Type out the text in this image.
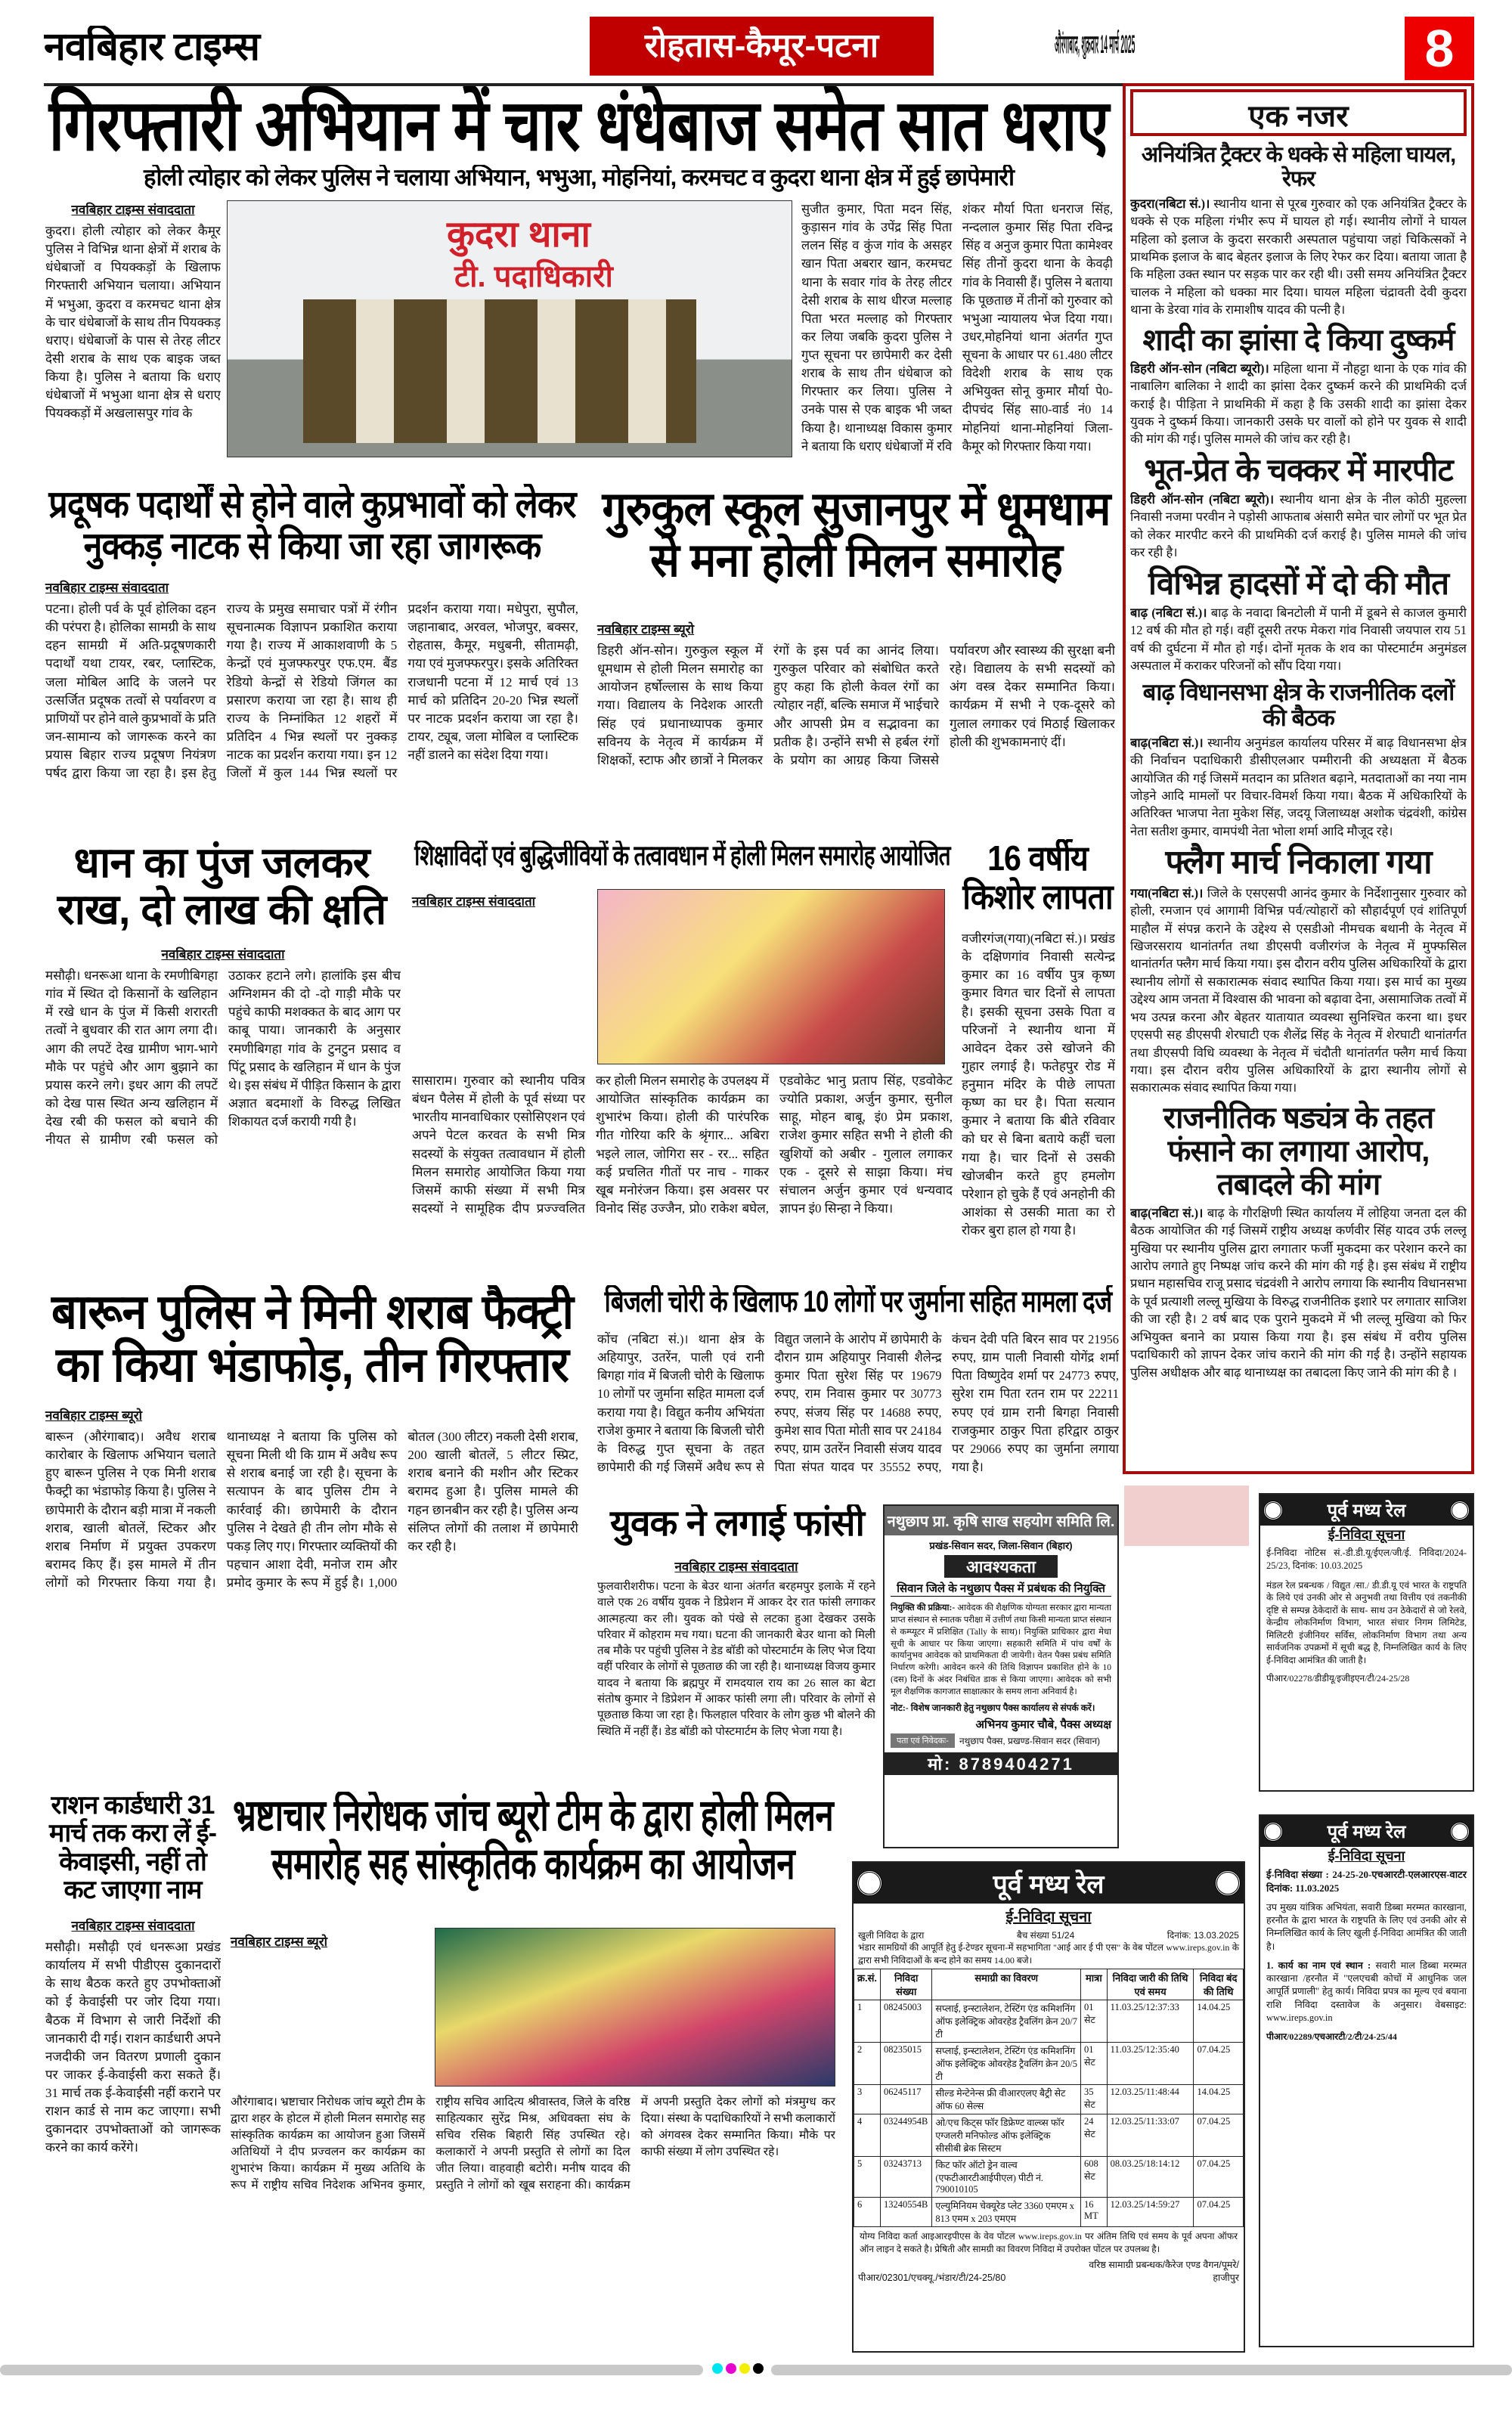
नवबिहार टाइम्स	रोहतास-कैमूर-पटना	औरंगाबाद, शुक्रवार 14 मार्च 2025	8
गिरफ्तारी अभियान में चार धंधेबाज समेत सात धराए
होली त्योहार को लेकर पुलिस ने चलाया अभियान, भभुआ, मोहनियां, करमचट व कुदरा थाना क्षेत्र में हुई छापेमारी
नवबिहार टाइम्स संवाददाता
कुदरा। होली त्योहार को लेकर कैमूर पुलिस ने विभिन्न थाना क्षेत्रों में शराब के धंधेबाजों व पियक्कड़ों के खिलाफ गिरफ्तारी अभियान चलाया। अभियान में भभुआ, कुदरा व करमचट थाना क्षेत्र के चार धंधेबाजों के साथ तीन पियक्कड़ धराए। धंधेबाजों के पास से तेरह लीटर देसी शराब के साथ एक बाइक जब्त किया है। पुलिस ने बताया कि धराए धंधेबाजों में भभुआ थाना क्षेत्र से धराए पियक्कड़ों में अखलासपुर गांव के
कुदरा थाना
टी. पदाधिकारी
सुजीत कुमार, पिता मदन सिंह, कुड़ासन गांव के उपेंद्र सिंह पिता ललन सिंह व कुंज गांव के असहर खान पिता अबरार खान, करमचट थाना के सवार गांव के तेरह लीटर देसी शराब के साथ धीरज मल्लाह पिता भरत मल्लाह को गिरफ्तार कर लिया जबकि कुदरा पुलिस ने गुप्त सूचना पर छापेमारी कर देसी शराब के साथ तीन धंधेबाज को गिरफ्तार कर लिया। पुलिस ने उनके पास से एक बाइक भी जब्त किया है। थानाध्यक्ष विकास कुमार ने बताया कि धराए धंधेबाजों में रवि शंकर मौर्या पिता धनराज सिंह, नन्दलाल कुमार सिंह पिता रविन्द्र सिंह व अनुज कुमार पिता कामेश्वर सिंह तीनों कुदरा थाना के केवढ़ी गांव के निवासी हैं। पुलिस ने बताया कि पूछताछ में तीनों को गुरुवार को भभुआ न्यायालय भेज दिया गया। उधर,मोहनियां थाना अंतर्गत गुप्त सूचना के आधार पर 61.480 लीटर विदेशी शराब के साथ एक अभियुक्त सोनू कुमार मौर्या पे0- दीपचंद सिंह सा0-वार्ड नं0 14 मोहनियां थाना-मोहनियां जिला-कैमूर को गिरफ्तार किया गया।
प्रदूषक पदार्थों से होने वाले कुप्रभावों को लेकर नुक्कड़ नाटक से किया जा रहा जागरूक
नवबिहार टाइम्स संवाददाता
पटना। होली पर्व के पूर्व होलिका दहन की परंपरा है। होलिका सामग्री के साथ दहन सामग्री में अति-प्रदूषणकारी पदार्थों यथा टायर, रबर, प्लास्टिक, जला मोबिल आदि के जलने पर उत्सर्जित प्रदूषक तत्वों से पर्यावरण व प्राणियों पर होने वाले कुप्रभावों के प्रति जन-सामान्य को जागरूक करने का प्रयास बिहार राज्य प्रदूषण नियंत्रण पर्षद द्वारा किया जा रहा है। इस हेतु राज्य के प्रमुख समाचार पत्रों में रंगीन सूचनात्मक विज्ञापन प्रकाशित कराया गया है। राज्य में आकाशवाणी के 5 केन्द्रों एवं मुजफ्फरपुर एफ.एम. बैंड रेडियो केन्द्रों से रेडियो जिंगल का प्रसारण कराया जा रहा है। साथ ही राज्य के निम्नांकित 12 शहरों में प्रतिदिन 4 भिन्न स्थलों पर नुक्कड़ नाटक का प्रदर्शन कराया गया। इन 12 जिलों में कुल 144 भिन्न स्थलों पर प्रदर्शन कराया गया। मधेपुरा, सुपौल, जहानाबाद, अरवल, भोजपुर, बक्सर, रोहतास, कैमूर, मधुबनी, सीतामढ़ी, गया एवं मुजफ्फरपुर। इसके अतिरिक्त राजधानी पटना में 12 मार्च एवं 13 मार्च को प्रतिदिन 20-20 भिन्न स्थलों पर नाटक प्रदर्शन कराया जा रहा है। टायर, ट्यूब, जला मोबिल व प्लास्टिक नहीं डालने का संदेश दिया गया।
गुरुकुल स्कूल सुजानपुर में धूमधाम से मना होली मिलन समारोह
नवबिहार टाइम्स ब्यूरो
डिहरी ऑन-सोन। गुरुकुल स्कूल में धूमधाम से होली मिलन समारोह का आयोजन हर्षोल्लास के साथ किया गया। विद्यालय के निदेशक आरती सिंह एवं प्रधानाध्यापक कुमार सविनय के नेतृत्व में कार्यक्रम में शिक्षकों, स्टाफ और छात्रों ने मिलकर रंगों के इस पर्व का आनंद लिया। गुरुकुल परिवार को संबोधित करते हुए कहा कि होली केवल रंगों का त्योहार नहीं, बल्कि समाज में भाईचारे और आपसी प्रेम व सद्भावना का प्रतीक है। उन्होंने सभी से हर्बल रंगों के प्रयोग का आग्रह किया जिससे पर्यावरण और स्वास्थ्य की सुरक्षा बनी रहे। विद्यालय के सभी सदस्यों को अंग वस्त्र देकर सम्मानित किया। कार्यक्रम में सभी ने एक-दूसरे को गुलाल लगाकर एवं मिठाई खिलाकर होली की शुभकामनाएं दीं।
धान का पुंज जलकर राख, दो लाख की क्षति
नवबिहार टाइम्स संवाददाता
मसौढ़ी। धनरूआ थाना के रमणीबिगहा गांव में स्थित दो किसानों के खलिहान में रखे धान के पुंज में किसी शरारती तत्वों ने बुधवार की रात आग लगा दी। आग की लपटें देख ग्रामीण भाग-भागे मौके पर पहुंचे और आग बुझाने का प्रयास करने लगे। इधर आग की लपटें को देख पास स्थित अन्य खलिहान में देख रबी की फसल को बचाने की नीयत से ग्रामीण रबी फसल को उठाकर हटाने लगे। हालांकि इस बीच अग्निशमन की दो -दो गाड़ी मौके पर पहुंचे काफी मशक्कत के बाद आग पर काबू पाया। जानकारी के अनुसार रमणीबिगहा गांव के टुनटुन प्रसाद व पिंटू प्रसाद के खलिहान में धान के पुंज थे। इस संबंध में पीड़ित किसान के द्वारा अज्ञात बदमाशों के विरुद्ध लिखित शिकायत दर्ज करायी गयी है।
शिक्षाविदों एवं बुद्धिजीवियों के तत्वावधान में होली मिलन समारोह आयोजित
नवबिहार टाइम्स संवाददाता
सासाराम। गुरुवार को स्थानीय पवित्र बंधन पैलेस में होली के पूर्व संध्या पर भारतीय मानवाधिकार एसोसिएशन एवं अपने पेटल करवत के सभी मित्र सदस्यों के संयुक्त तत्वावधान में होली मिलन समारोह आयोजित किया गया जिसमें काफी संख्या में सभी मित्र सदस्यों ने सामूहिक दीप प्रज्ज्वलित कर होली मिलन समारोह के उपलक्ष्य में आयोजित सांस्कृतिक कार्यक्रम का शुभारंभ किया। होली की पारंपरिक गीत गोरिया करि के श्रृंगार... अबिरा भइले लाल, जोगिरा सर - रर... सहित कई प्रचलित गीतों पर नाच - गाकर खूब मनोरंजन किया। इस अवसर पर विनोद सिंह उज्जैन, प्रो0 राकेश बघेल, एडवोकेट भानु प्रताप सिंह, एडवोकेट ज्योति प्रकाश, अर्जुन कुमार, सुनील साहू, मोहन बाबू, इं0 प्रेम प्रकाश, राजेश कुमार सहित सभी ने होली की खुशियों को अबीर - गुलाल लगाकर एक - दूसरे से साझा किया। मंच संचालन अर्जुन कुमार एवं धन्यवाद ज्ञापन इं0 सिन्हा ने किया।
16 वर्षीय किशोर लापता
वजीरगंज(गया)(नबिटा सं.)। प्रखंड के दक्षिणगांव निवासी सत्येन्द्र कुमार का 16 वर्षीय पुत्र कृष्ण कुमार विगत चार दिनों से लापता है। इसकी सूचना उसके पिता व परिजनों ने स्थानीय थाना में आवेदन देकर उसे खोजने की गुहार लगाई है। फतेहपुर रोड में हनुमान मंदिर के पीछे लापता कृष्ण का घर है। पिता सत्यान कुमार ने बताया कि बीते रविवार को घर से बिना बताये कहीं चला गया है। चार दिनों से उसकी खोजबीन करते हुए हमलोग परेशान हो चुके हैं एवं अनहोनी की आशंका से उसकी माता का रो रोकर बुरा हाल हो गया है।
बारून पुलिस ने मिनी शराब फैक्ट्री का किया भंडाफोड़, तीन गिरफ्तार
नवबिहार टाइम्स ब्यूरो
बारून (औरंगाबाद)। अवैध शराब कारोबार के खिलाफ अभियान चलाते हुए बारून पुलिस ने एक मिनी शराब फैक्ट्री का भंडाफोड़ किया है। पुलिस ने छापेमारी के दौरान बड़ी मात्रा में नकली शराब, खाली बोतलें, स्टिकर और शराब निर्माण में प्रयुक्त उपकरण बरामद किए हैं। इस मामले में तीन लोगों को गिरफ्तार किया गया है। थानाध्यक्ष ने बताया कि पुलिस को सूचना मिली थी कि ग्राम में अवैध रूप से शराब बनाई जा रही है। सूचना के सत्यापन के बाद पुलिस टीम ने कार्रवाई की। छापेमारी के दौरान पुलिस ने देखते ही तीन लोग मौके से पकड़ लिए गए। गिरफ्तार व्यक्तियों की पहचान आशा देवी, मनोज राम और प्रमोद कुमार के रूप में हुई है। 1,000 बोतल (300 लीटर) नकली देसी शराब, 200 खाली बोतलें, 5 लीटर स्प्रिट, शराब बनाने की मशीन और स्टिकर बरामद हुआ है। पुलिस मामले की गहन छानबीन कर रही है। पुलिस अन्य संलिप्त लोगों की तलाश में छापेमारी कर रही है।
बिजली चोरी के खिलाफ 10 लोगों पर जुर्माना सहित मामला दर्ज
कोंच (नबिटा सं.)। थाना क्षेत्र के अहियापुर, उतरेंन, पाली एवं रानी बिगहा गांव में बिजली चोरी के खिलाफ 10 लोगों पर जुर्माना सहित मामला दर्ज कराया गया है। विद्युत कनीय अभियंता राजेश कुमार ने बताया कि बिजली चोरी के विरुद्ध गुप्त सूचना के तहत छापेमारी की गई जिसमें अवैध रूप से विद्युत जलाने के आरोप में छापेमारी के दौरान ग्राम अहियापुर निवासी शैलेन्द्र कुमार पिता सुरेश सिंह पर 19679 रुपए, राम निवास कुमार पर 30773 रुपए, संजय सिंह पर 14688 रुपए, कुमेश साव पिता मोती साव पर 24184 रुपए, ग्राम उतरेंन निवासी संजय यादव पिता संपत यादव पर 35552 रुपए, कंचन देवी पति बिरन साव पर 21956 रुपए, ग्राम पाली निवासी योगेंद्र शर्मा पिता विष्णुदेव शर्मा पर 24773 रुपए, सुरेश राम पिता रतन राम पर 22211 रुपए एवं ग्राम रानी बिगहा निवासी राजकुमार ठाकुर पिता हरिद्वार ठाकुर पर 29066 रुपए का जुर्माना लगाया गया है।
युवक ने लगाई फांसी
नवबिहार टाइम्स संवाददाता
फुलवारीशरीफ। पटना के बेउर थाना अंतर्गत बरहमपुर इलाके में रहने वाले एक 26 वर्षीय युवक ने डिप्रेशन में आकर देर रात फांसी लगाकर आत्महत्या कर ली। युवक को पंखे से लटका हुआ देखकर उसके परिवार में कोहराम मच गया। घटना की जानकारी बेउर थाना को मिली तब मौके पर पहुंची पुलिस ने डेड बॉडी को पोस्टमार्टम के लिए भेज दिया वहीं परिवार के लोगों से पूछताछ की जा रही है। थानाध्यक्ष विजय कुमार यादव ने बताया कि ब्रह्मपुर में रामदयाल राय का 26 साल का बेटा संतोष कुमार ने डिप्रेशन में आकर फांसी लगा ली। परिवार के लोगों से पूछताछ किया जा रहा है। फिलहाल परिवार के लोग कुछ भी बोलने की स्थिति में नहीं हैं। डेड बॉडी को पोस्टमार्टम के लिए भेजा गया है।
नथुछाप प्रा. कृषि साख सहयोग समिति लि.
प्रखंड-सिवान सदर, जिला-सिवान (बिहार)
आवश्यकता
सिवान जिले के नथुछाप पैक्स में प्रबंधक की नियुक्ति
नियुक्ति की प्रक्रिया:- आवेदक की शैक्षणिक योग्यता सरकार द्वारा मान्यता प्राप्त संस्थान से स्नातक परीक्षा में उत्तीर्ण तथा किसी मान्यता प्राप्त संस्थान से कम्प्यूटर में प्रशिक्षित (Tally के साथ)। नियुक्ति प्राधिकार द्वारा मेधा सूची के आधार पर किया जाएगा। सहकारी समिति में पांच वर्षों के कार्यानुभव आवेदक को प्राथमिकता दी जायेगी। वेतन पैक्स प्रबंध समिति निर्धारण करेगी। आवेदन करने की तिथि विज्ञापन प्रकाशित होने के 10 (दस) दिनों के अंदर निबंधित डाक से किया जाएगा। आवेदक को सभी मूल शैक्षणिक कागजात साक्षात्कार के समय लाना अनिवार्य है।
नोट:- विशेष जानकारी हेतु नथुछाप पैक्स कार्यालय से संपर्क करें।
अभिनय कुमार चौबे, पैक्स अध्यक्ष
पता एवं निवेदकः-	नथुछाप पैक्स, प्रखण्ड-सिवान सदर (सिवान)
मो: 8789404271
राशन कार्डधारी 31 मार्च तक करा लें ई-केवाइसी, नहीं तो कट जाएगा नाम
नवबिहार टाइम्स संवाददाता
मसौढ़ी। मसौढ़ी एवं धनरूआ प्रखंड कार्यालय में सभी पीडीएस दुकानदारों के साथ बैठक करते हुए उपभोक्ताओं को ई केवाईसी पर जोर दिया गया। बैठक में विभाग से जारी निर्देशों की जानकारी दी गई। राशन कार्डधारी अपने नजदीकी जन वितरण प्रणाली दुकान पर जाकर ई-केवाईसी करा सकते हैं। 31 मार्च तक ई-केवाईसी नहीं कराने पर राशन कार्ड से नाम कट जाएगा। सभी दुकानदार उपभोक्ताओं को जागरूक करने का कार्य करेंगे।
भ्रष्टाचार निरोधक जांच ब्यूरो टीम के द्वारा होली मिलन समारोह सह सांस्कृतिक कार्यक्रम का आयोजन
नवबिहार टाइम्स ब्यूरो
औरंगाबाद। भ्रष्टाचार निरोधक जांच ब्यूरो टीम के द्वारा शहर के होटल में होली मिलन समारोह सह सांस्कृतिक कार्यक्रम का आयोजन हुआ जिसमें अतिथियों ने दीप प्रज्वलन कर कार्यक्रम का शुभारंभ किया। कार्यक्रम में मुख्य अतिथि के रूप में राष्ट्रीय सचिव निदेशक अभिनव कुमार, राष्ट्रीय सचिव आदित्य श्रीवास्तव, जिले के वरिष्ठ साहित्यकार सुरेंद्र मिश्र, अधिवक्ता संघ के सचिव रसिक बिहारी सिंह उपस्थित रहे। कलाकारों ने अपनी प्रस्तुति से लोगों का दिल जीत लिया। वाहवाही बटोरी। मनीष यादव की प्रस्तुति ने लोगों को खूब सराहना की। कार्यक्रम में अपनी प्रस्तुति देकर लोगों को मंत्रमुग्ध कर दिया। संस्था के पदाधिकारियों ने सभी कलाकारों को अंगवस्त्र देकर सम्मानित किया। मौके पर काफी संख्या में लोग उपस्थित रहे।
पूर्व मध्य रेल
ई-निविदा सूचना
खुली निविदा के द्वारा	बैच संख्या 51/24	दिनांक: 13.03.2025
भंडार सामग्रियों की आपूर्ति हेतु ई-टेण्डर सूचना-में सहभागिता "आई आर ई पी एस" के वेब पोंटल www.ireps.gov.in के द्वारा सभी निविदाओं के बन्द होने का समय 14.00 बजे।
क्र.सं.	निविदा संख्या	समाग्री का विवरण	मात्रा	निविदा जारी की तिथि एवं समय	निविदा बंद की तिथि
1	08245003	सप्लाई, इन्स्टालेशन, टेस्टिंग एंड कमिशनिंग ऑफ इलेक्ट्रिक ओवरहेड ट्रैवलिंग क्रेन 20/7 टी	01 सेट	11.03.25/12:37:33	14.04.25
2	08235015	सप्लाई, इन्स्टालेशन, टेस्टिंग एंड कमिशनिंग ऑफ इलेक्ट्रिक ओवरहेड ट्रैवलिंग क्रेन 20/5 टी	01 सेट	11.03.25/12:35:40	07.04.25
3	06245117	सील्ड मेन्टेनेन्स फ्री वीआरएलए बैट्री सेट ऑफ 60 सेल्स	35 सेट	12.03.25/11:48:44	14.04.25
4	03244954B	ओ/एच किट्स फॉर डिफ्रेण्ट वाल्व्स फॉर एग्जलरी मनिफोल्ड ऑफ इलेक्ट्रिक सीसीबी ब्रेक सिस्टम	24 सेट	12.03.25/11:33:07	07.04.25
5	03243713	किट फॉर ऑटो ड्रेन वाल्व (एफटीआरटीआईपीएल) पीटी नं. 790010105	608 सेट	08.03.25/18:14:12	07.04.25
6	13240554B	एल्युमिनियम चेक्यूरेड प्लेट 3360 एमएम x 813 एमम x 203 एमएम	16 MT	12.03.25/14:59:27	07.04.25
योग्य निविदा कर्ता आइआरइपीएस के वेव पोंटल www.ireps.gov.in पर अंतिम तिथि एवं समय के पूर्व अपना ऑफर ऑन लाइन दे सकते है। प्रेषिती और सामग्री का विवरण निविदा में उपरोक्त पोंटल पर उपलब्ध है।
पीआर/02301/एचक्यू./भंडार/टी/24-25/80
वरिष्ठ सामाग्री प्रबन्धक/कैरेज एण्ड वैगन/पूमरे/हाजीपुर
एक नजर
अनियंत्रित ट्रैक्टर के धक्के से महिला घायल, रेफर

कुदरा(नबिटा सं.)। स्थानीय थाना से पूरब गुरुवार को एक अनियंत्रित ट्रैक्टर के धक्के से एक महिला गंभीर रूप में घायल हो गई। स्थानीय लोगों ने घायल महिला को इलाज के कुदरा सरकारी अस्पताल पहुंचाया जहां चिकित्सकों ने प्राथमिक इलाज के बाद बेहतर इलाज के लिए रेफर कर दिया। बताया जाता है कि महिला उक्त स्थान पर सड़क पार कर रही थी। उसी समय अनियंत्रित ट्रैक्टर चालक ने महिला को धक्का मार दिया। घायल महिला चंद्रावती देवी कुदरा थाना के डेरवा गांव के रामाशीष यादव की पत्नी है।

शादी का झांसा दे किया दुष्कर्म

डिहरी ऑन-सोन (नबिटा ब्यूरो)। महिला थाना में नौहट्टा थाना के एक गांव की नाबालिग बालिका ने शादी का झांसा देकर दुष्कर्म करने की प्राथमिकी दर्ज कराई है। पीड़िता ने प्राथमिकी में कहा है कि उसकी शादी का झांसा देकर युवक ने दुष्कर्म किया। जानकारी उसके घर वालों को होने पर युवक से शादी की मांग की गई। पुलिस मामले की जांच कर रही है।

भूत-प्रेत के चक्कर में मारपीट

डिहरी ऑन-सोन (नबिटा ब्यूरो)। स्थानीय थाना क्षेत्र के नील कोठी मुहल्ला निवासी नजमा परवीन ने पड़ोसी आफताब अंसारी समेत चार लोगों पर भूत प्रेत को लेकर मारपीट करने की प्राथमिकी दर्ज कराई है। पुलिस मामले की जांच कर रही है।

विभिन्न हादसों में दो की मौत

बाढ़ (नबिटा सं.)। बाढ़ के नवादा बिनटोली में पानी में डूबने से काजल कुमारी 12 वर्ष की मौत हो गई। वहीं दूसरी तरफ मेकरा गांव निवासी जयपाल राय 51 वर्ष की दुर्घटना में मौत हो गई। दोनों मृतक के शव का पोस्टमार्टम अनुमंडल अस्पताल में कराकर परिजनों को सौंप दिया गया।

बाढ़ विधानसभा क्षेत्र के राजनीतिक दलों की बैठक

बाढ़(नबिटा सं.)। स्थानीय अनुमंडल कार्यालय परिसर में बाढ़ विधानसभा क्षेत्र की निर्वाचन पदाधिकारी डीसीएलआर पम्मीरानी की अध्यक्षता में बैठक आयोजित की गई जिसमें मतदान का प्रतिशत बढ़ाने, मतदाताओं का नया नाम जोड़ने आदि मामलों पर विचार-विमर्श किया गया। बैठक में अधिकारियों के अतिरिक्त भाजपा नेता मुकेश सिंह, जदयू जिलाध्यक्ष अशोक चंद्रवंशी, कांग्रेस नेता सतीश कुमार, वामपंथी नेता भोला शर्मा आदि मौजूद रहे।

फ्लैग मार्च निकाला गया

गया(नबिटा सं.)। जिले के एसएसपी आनंद कुमार के निर्देशानुसार गुरुवार को होली, रमजान एवं आगामी विभिन्न पर्व/त्योहारों को सौहार्दपूर्ण एवं शांतिपूर्ण माहौल में संपन्न कराने के उद्देश्य से एसडीओ नीमचक बथानी के नेतृत्व में खिजरसराय थानांतर्गत तथा डीएसपी वजीरगंज के नेतृत्व में मुफ्फसिल थानांतर्गत फ्लैग मार्च किया गया। इस दौरान वरीय पुलिस अधिकारियों के द्वारा स्थानीय लोगों से सकारात्मक संवाद स्थापित किया गया। इस मार्च का मुख्य उद्देश्य आम जनता में विश्वास की भावना को बढ़ावा देना, असामाजिक तत्वों में भय उत्पन्न करना और बेहतर यातायात व्यवस्था सुनिश्चित करना था। इधर एएसपी सह डीएसपी शेरघाटी एक शैलेंद्र सिंह के नेतृत्व में शेरघाटी थानांतर्गत तथा डीएसपी विधि व्यवस्था के नेतृत्व में चंदौती थानांतर्गत फ्लैग मार्च किया गया। इस दौरान वरीय पुलिस अधिकारियों के द्वारा स्थानीय लोगों से सकारात्मक संवाद स्थापित किया गया।

राजनीतिक षड्यंत्र के तहत फंसाने का लगाया आरोप, तबादले की मांग

बाढ़(नबिटा सं.)। बाढ़ के गौरक्षिणी स्थित कार्यालय में लोहिया जनता दल की बैठक आयोजित की गई जिसमें राष्ट्रीय अध्यक्ष कर्णवीर सिंह यादव उर्फ लल्लू मुखिया पर स्थानीय पुलिस द्वारा लगातार फर्जी मुकदमा कर परेशान करने का आरोप लगाते हुए निष्पक्ष जांच करने की मांग की गई है। इस संबंध में राष्ट्रीय प्रधान महासचिव राजू प्रसाद चंद्रवंशी ने आरोप लगाया कि स्थानीय विधानसभा के पूर्व प्रत्याशी लल्लू मुखिया के विरुद्ध राजनीतिक इशारे पर लगातार साजिश की जा रही है। 2 वर्ष बाद एक पुराने मुकदमे में भी लल्लू मुखिया को फिर अभियुक्त बनाने का प्रयास किया गया है। इस संबंध में वरीय पुलिस पदाधिकारी को ज्ञापन देकर जांच कराने की मांग की गई है। उन्होंने सहायक पुलिस अधीक्षक और बाढ़ थानाध्यक्ष का तबादला किए जाने की मांग की है ।

पूर्व मध्य रेल
ई-निविदा सूचना
ई-निविदा नोटिस सं.-डी.डी.यू/ईएल/जी/ई. निविदा/2024-25/23, दिनांक: 10.03.2025
मंडल रेल प्रबन्धक / विद्युत /सा./ डी.डी.यू एवं भारत के राष्ट्रपति के लिये एवं उनकी ओर से अनुभवी तथा वित्तीय एवं तकनीकी दृष्टि से सम्पन्न ठेकेदारों के साथ- साथ उन ठेकेदारों से जो रेलवे, केन्द्रीय लोकनिर्माण विभाग, भारत संचार निगम लिमिटेड, मिलिटरी इंजीनियर सर्विस, लोकनिर्माण विभाग तथा अन्य सार्वजनिक उपक्रमों में सूची बद्ध है, निम्नलिखित कार्य के लिए ई-निविदा आमंत्रित की जाती है।
पीआर/02278/डीडीयू/इजीइएन/टी/24-25/28
पूर्व मध्य रेल
ई-निविदा सूचना
ई-निविदा संख्या : 24-25-20-एचआरटी-एलआरएस-वाटर दिनांक: 11.03.2025
उप मुख्य यांत्रिक अभियंता, सवारी डिब्बा मरम्मत कारखाना, हरनौत के द्वारा भारत के राष्ट्रपति के लिए एवं उनकी ओर से निम्नलिखित कार्य के लिए खुली ई-निविदा आमंत्रित की जाती है।
1. कार्य का नाम एवं स्थान : सवारी माल डिब्बा मरम्मत कारखाना /हरनौत में "एलएचबी कोचों में आधुनिक जल आपूर्ति प्रणाली" हेतु कार्य। निविदा प्रपत्र का मूल्य एवं बयाना राशि निविदा दस्तावेज के अनुसार। वेबसाइट: www.ireps.gov.in
पीआर/02289/एचआरटी/2/टी/24-25/44
